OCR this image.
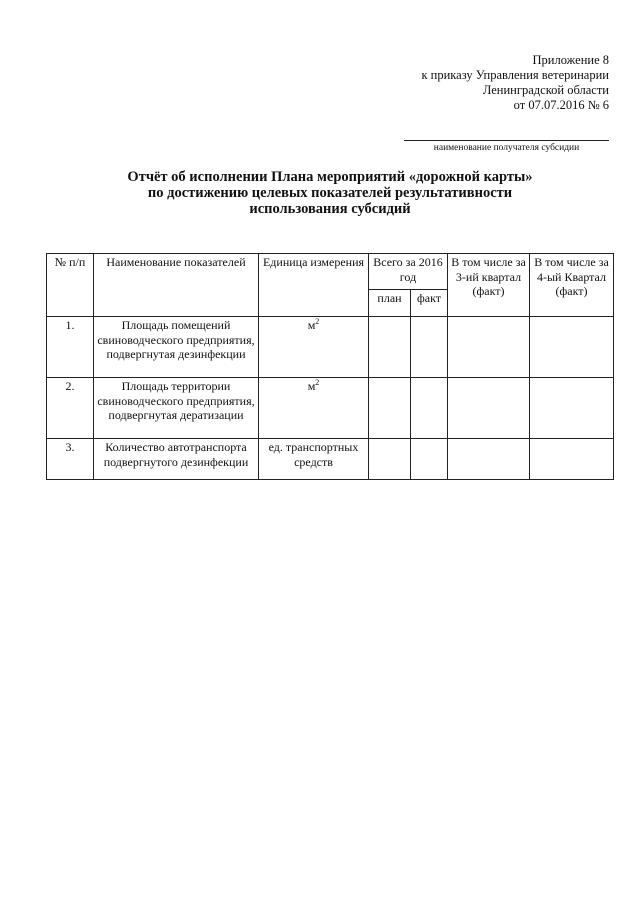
Приложение 8
к приказу Управления ветеринарии
Ленинградской области
от 07.07.2016 № 6
наименование получателя субсидии
Отчёт об исполнении Плана мероприятий «дорожной карты»
по достижению целевых показателей результативности
использования субсидий
№ п/п	Наименование показателей	Единица измерения	Всего за 2016 год		В том числе за 3-ий квартал (факт)	В том числе за 4-ый Квартал (факт)
			план	факт		
1.	Площадь помещений свиноводческого предприятия, подвергнутая дезинфекции	$м^2$				
2.	Площадь территории свиноводческого предприятия, подвергнутая дератизации	$м^2$				
3.	Количество автотранспорта подвергнутого дезинфекции	ед. транспортных средств				
